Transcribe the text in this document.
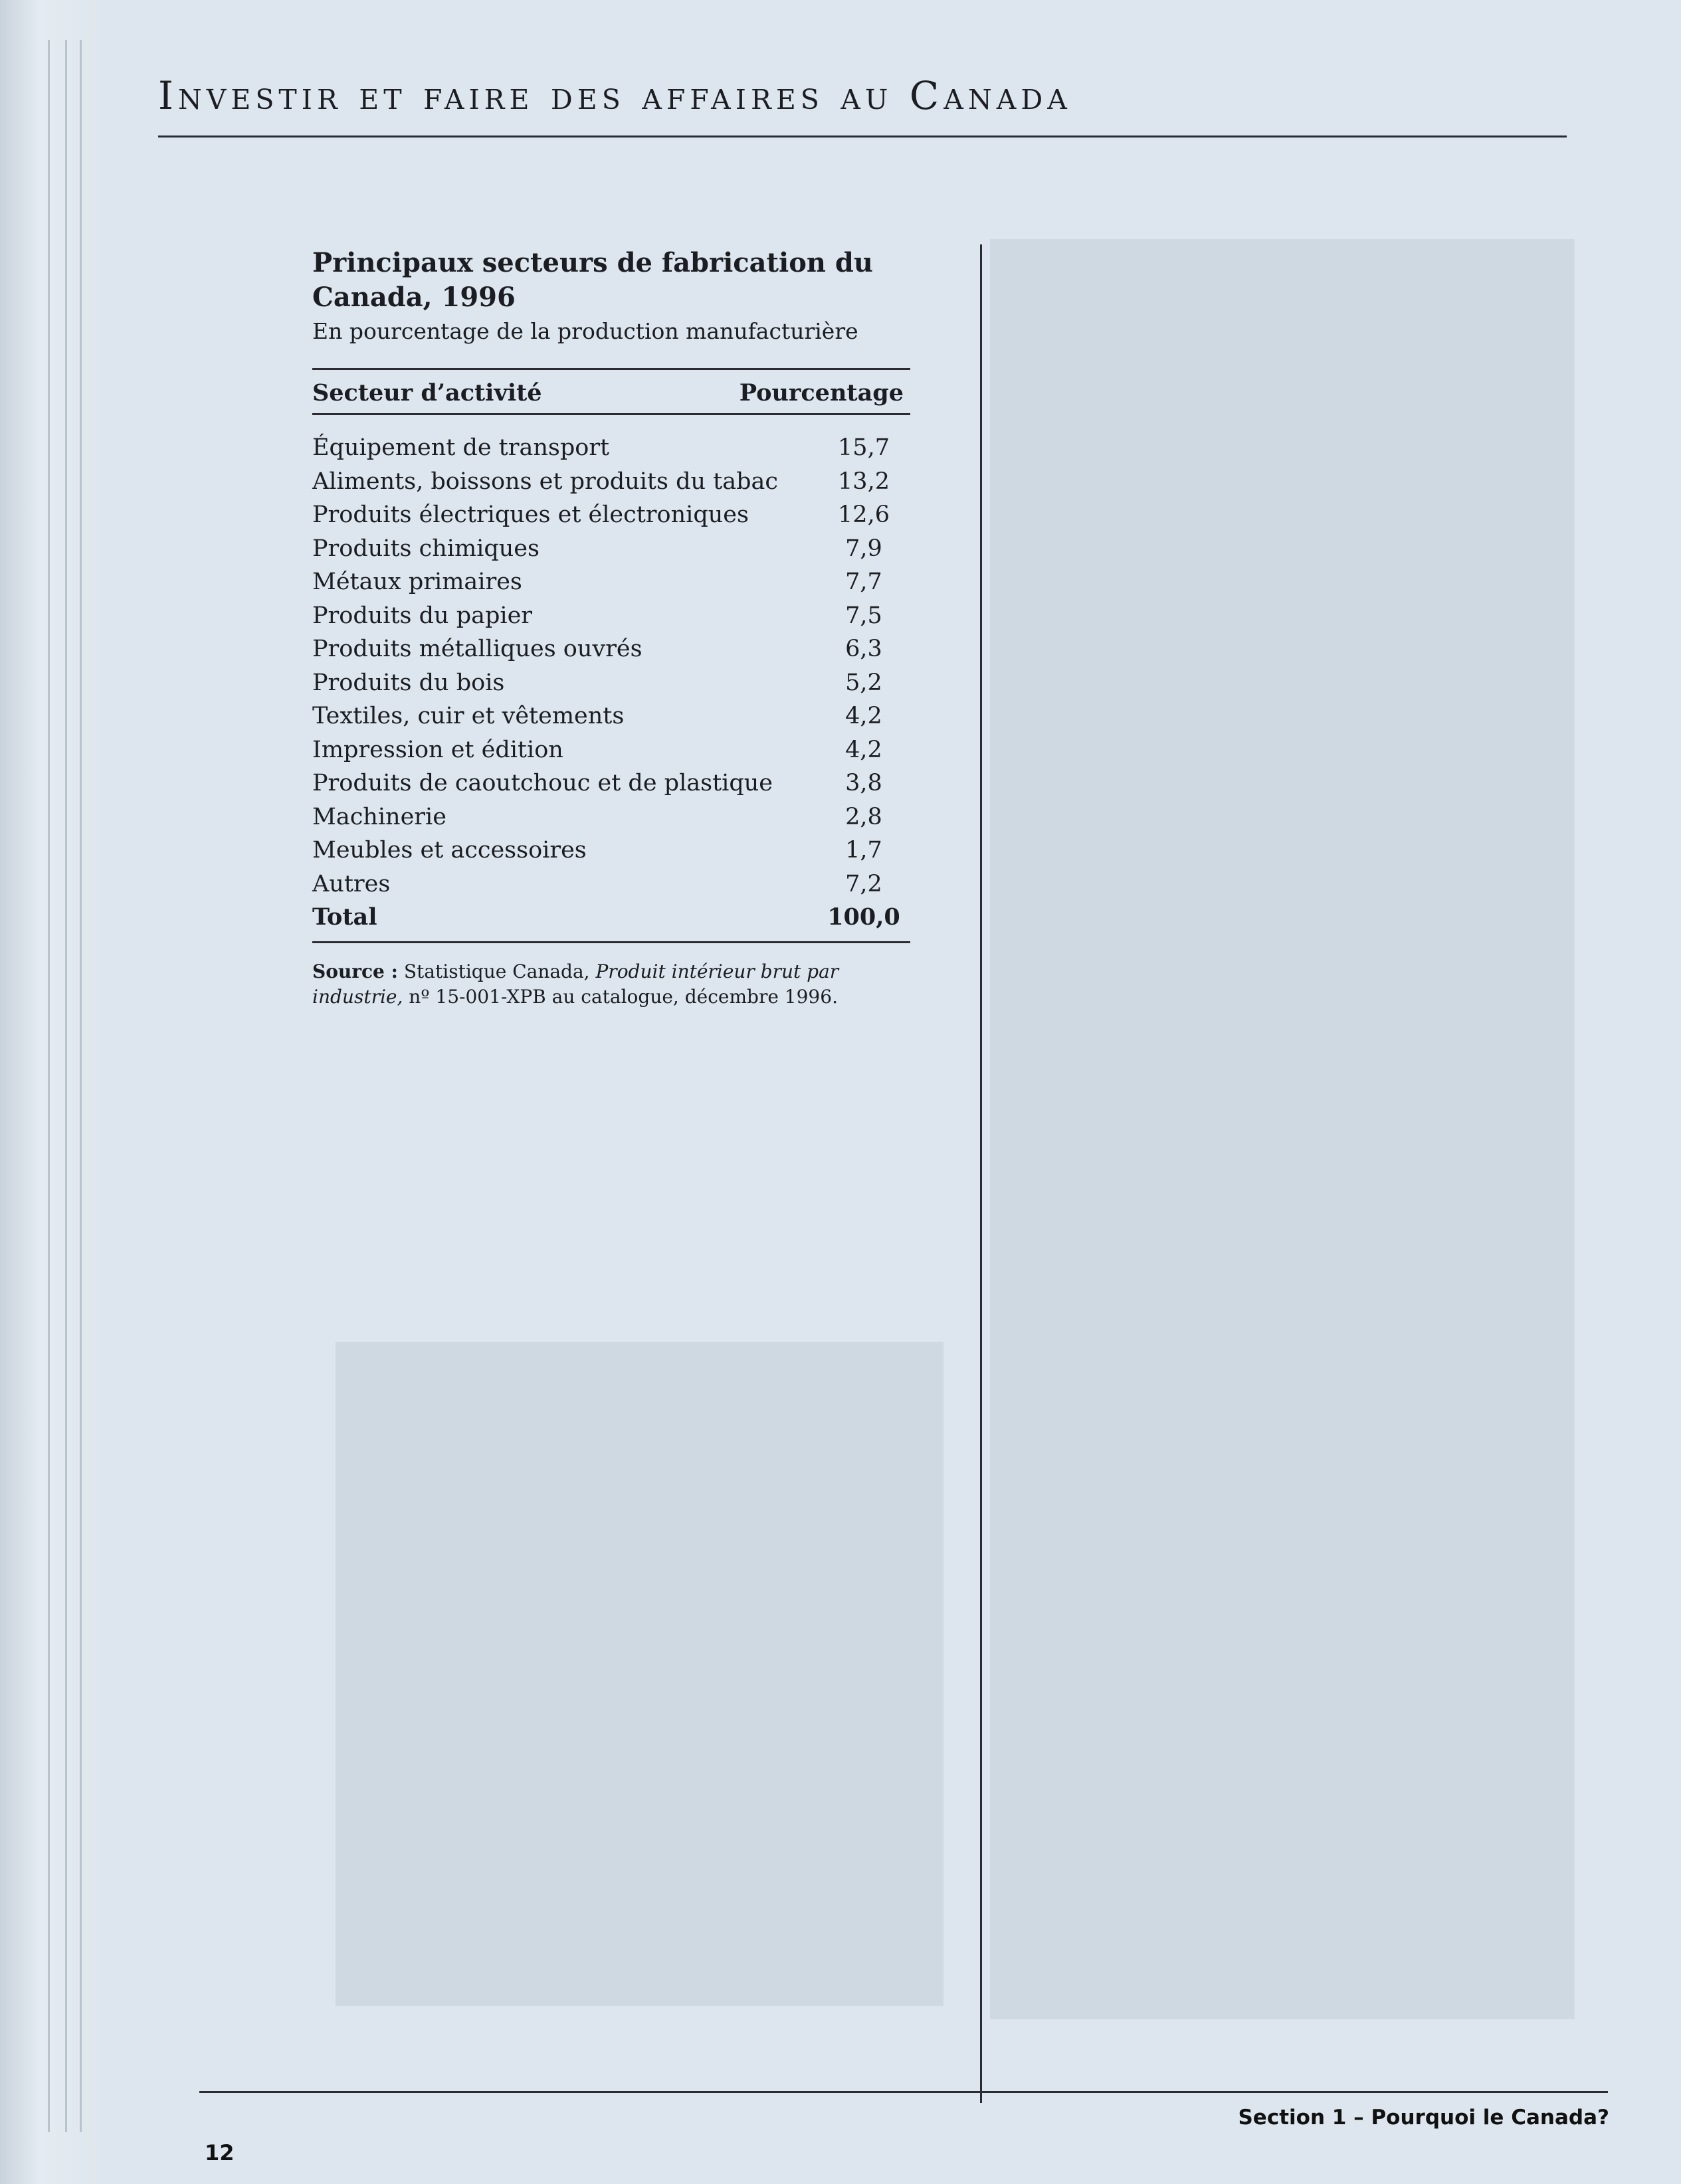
Investir et faire des affaires au Canada
Principaux secteurs de fabrication du Canada, 1996

En pourcentage de la production manufacturière

Secteur d’activité	Pourcentage
Équipement de transport	15,7
Aliments, boissons et produits du tabac	13,2
Produits électriques et électroniques	12,6
Produits chimiques	7,9
Métaux primaires	7,7
Produits du papier	7,5
Produits métalliques ouvrés	6,3
Produits du bois	5,2
Textiles, cuir et vêtements	4,2
Impression et édition	4,2
Produits de caoutchouc et de plastique	3,8
Machinerie	2,8
Meubles et accessoires	1,7
Autres	7,2
Total	100,0
Source : Statistique Canada, Produit intérieur brut par industrie, nº 15-001-XPB au catalogue, décembre 1996.
Section 1 – Pourquoi le Canada?
12
